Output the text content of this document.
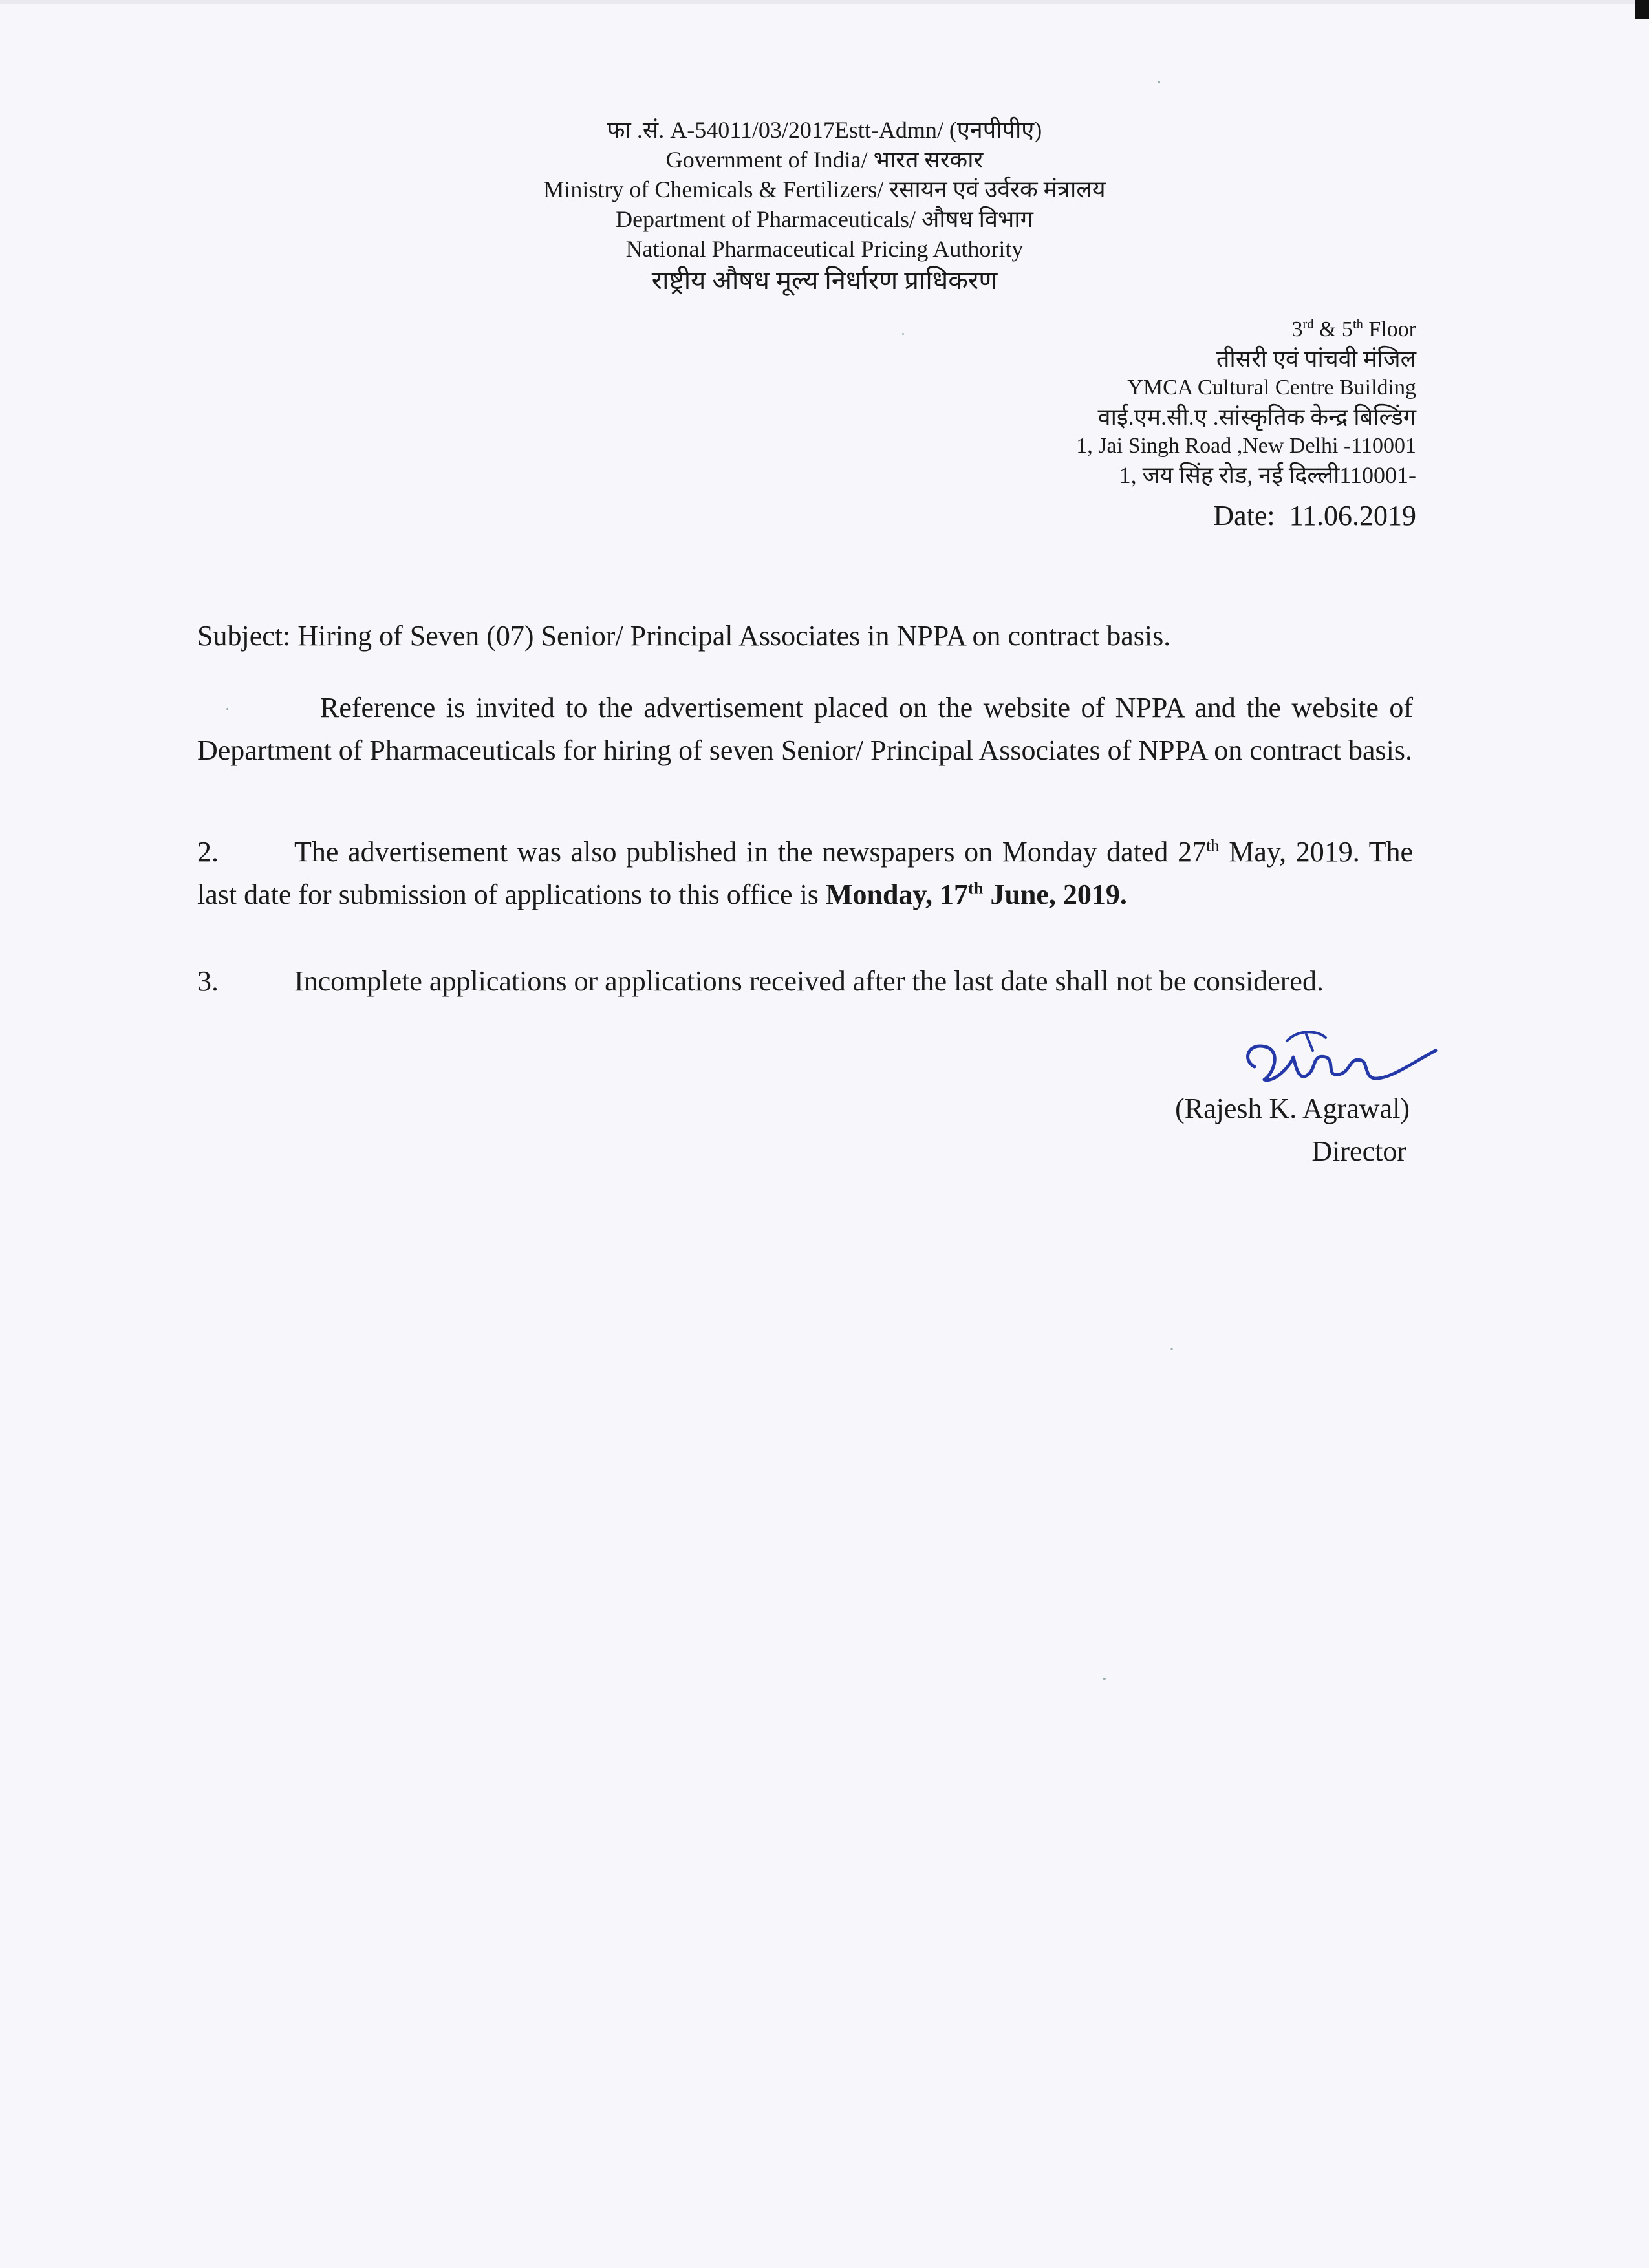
फा .सं. A-54011/03/2017Estt-Admn/ (एनपीपीए)
Government of India/ भारत सरकार
Ministry of Chemicals & Fertilizers/ रसायन एवं उर्वरक मंत्रालय
Department of Pharmaceuticals/ औषध विभाग
National Pharmaceutical Pricing Authority
राष्ट्रीय औषध मूल्य निर्धारण प्राधिकरण
3rd & 5th Floor
तीसरी एवं पांचवी मंजिल
YMCA Cultural Centre Building
वाई.एम.सी.ए .सांस्कृतिक केन्द्र बिल्डिंग
1, Jai Singh Road ,New Delhi -110001
1, जय सिंह रोड, नई दिल्ली110001-
Date: 11.06.2019
Subject: Hiring of Seven (07) Senior/ Principal Associates in NPPA on contract basis.
Reference is invited to the advertisement placed on the website of NPPA and the website of Department of Pharmaceuticals for hiring of seven Senior/ Principal Associates of NPPA on contract basis.
2.	The advertisement was also published in the newspapers on Monday dated 27th May, 2019. The last date for submission of applications to this office is Monday, 17th June, 2019.
3.	Incomplete applications or applications received after the last date shall not be considered.
(Rajesh K. Agrawal)
Director
